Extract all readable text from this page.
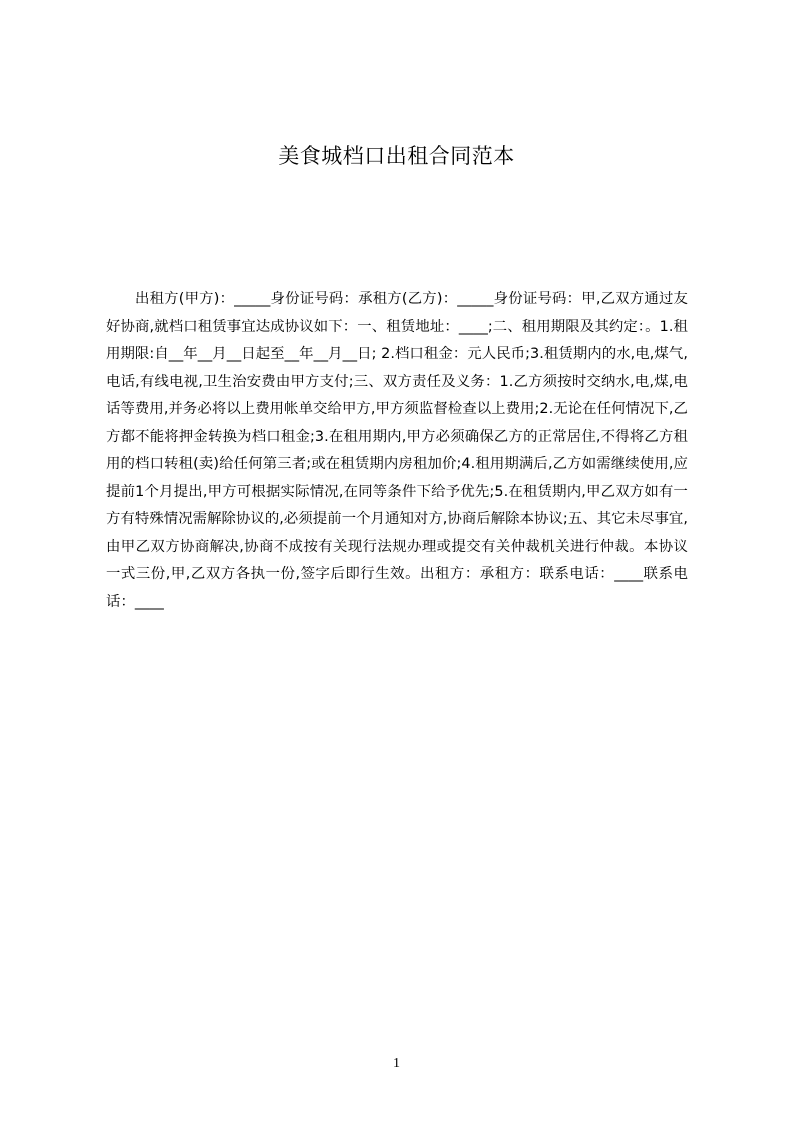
美食城档口出租合同范本
出租方(甲方)：_____身份证号码：承租方(乙方)：_____身份证号码：甲,乙双方通过友好协商,就档口租赁事宜达成协议如下：一、租赁地址：____;二、租用期限及其约定：。1.租用期限:自__年__月__日起至__年__月__日; 2.档口租金：元人民币;3.租赁期内的水,电,煤气,电话,有线电视,卫生治安费由甲方支付;三、双方责任及义务：1.乙方须按时交纳水,电,煤,电话等费用,并务必将以上费用帐单交给甲方,甲方须监督检查以上费用;2.无论在任何情况下,乙方都不能将押金转换为档口租金;3.在租用期内,甲方必须确保乙方的正常居住,不得将乙方租用的档口转租(卖)给任何第三者;或在租赁期内房租加价;4.租用期满后,乙方如需继续使用,应提前1个月提出,甲方可根据实际情况,在同等条件下给予优先;5.在租赁期内,甲乙双方如有一方有特殊情况需解除协议的,必须提前一个月通知对方,协商后解除本协议;五、其它未尽事宜,由甲乙双方协商解决,协商不成按有关现行法规办理或提交有关仲裁机关进行仲裁。本协议一式三份,甲,乙双方各执一份,签字后即行生效。出租方：承租方：联系电话：____联系电话：____
1
